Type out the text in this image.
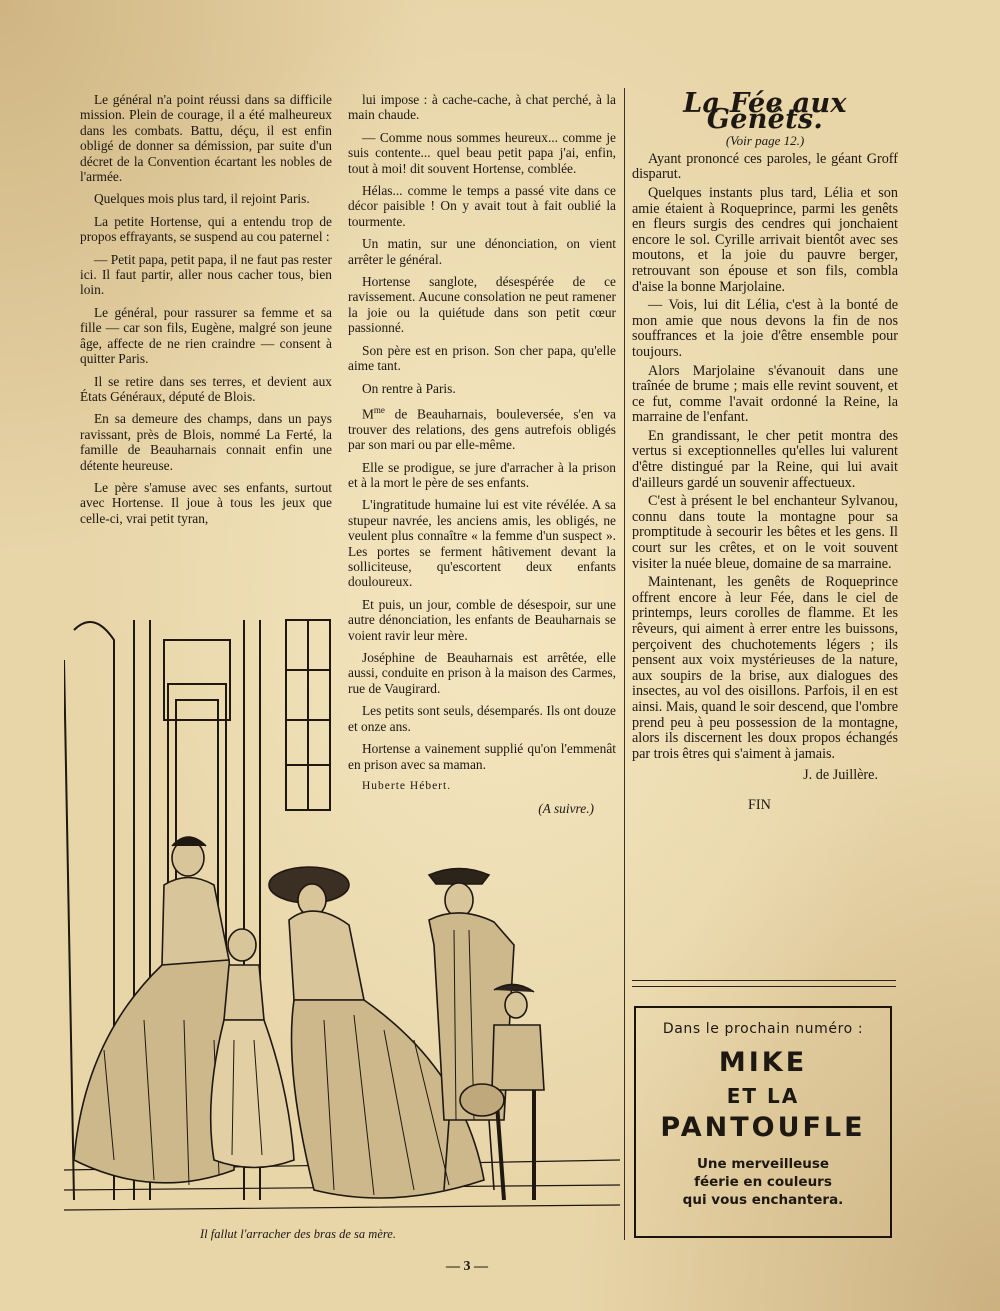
Le général n'a point réussi dans sa difficile mission. Plein de courage, il a été malheureux dans les combats. Battu, déçu, il est enfin obligé de donner sa démission, par suite d'un décret de la Convention écartant les nobles de l'armée.

Quelques mois plus tard, il rejoint Paris.

La petite Hortense, qui a entendu trop de propos effrayants, se suspend au cou paternel :

— Petit papa, petit papa, il ne faut pas rester ici. Il faut partir, aller nous cacher tous, bien loin.

Le général, pour rassurer sa femme et sa fille — car son fils, Eugène, malgré son jeune âge, affecte de ne rien craindre — consent à quitter Paris.

Il se retire dans ses terres, et devient aux États Généraux, député de Blois.

En sa demeure des champs, dans un pays ravissant, près de Blois, nommé La Ferté, la famille de Beauharnais connait enfin une détente heureuse.

Le père s'amuse avec ses enfants, surtout avec Hortense. Il joue à tous les jeux que celle-ci, vrai petit tyran,

lui impose : à cache-cache, à chat perché, à la main chaude.

— Comme nous sommes heureux... comme je suis contente... quel beau petit papa j'ai, enfin, tout à moi! dit souvent Hortense, comblée.

Hélas... comme le temps a passé vite dans ce décor paisible ! On y avait tout à fait oublié la tourmente.

Un matin, sur une dénonciation, on vient arrêter le général.

Hortense sanglote, désespérée de ce ravissement. Aucune consolation ne peut ramener la joie ou la quiétude dans son petit cœur passionné.

Son père est en prison. Son cher papa, qu'elle aime tant.

On rentre à Paris.

$M^{me}$ de Beauharnais, bouleversée, s'en va trouver des relations, des gens autrefois obligés par son mari ou par elle-même.

Elle se prodigue, se jure d'arracher à la prison et à la mort le père de ses enfants.

L'ingratitude humaine lui est vite révélée. A sa stupeur navrée, les anciens amis, les obligés, ne veulent plus connaître « la femme d'un suspect ». Les portes se ferment hâtivement devant la solliciteuse, qu'escortent deux enfants douloureux.

Et puis, un jour, comble de désespoir, sur une autre dénonciation, les enfants de Beauharnais se voient ravir leur mère.

Joséphine de Beauharnais est arrêtée, elle aussi, conduite en prison à la maison des Carmes, rue de Vaugirard.

Les petits sont seuls, désemparés. Ils ont douze et onze ans.

Hortense a vainement supplié qu'on l'emmenât en prison avec sa maman.

Huberte Hébert.

(A suivre.)

La Fée aux Genêts.

(Voir page 12.)

Ayant prononcé ces paroles, le géant Groff disparut.

Quelques instants plus tard, Lélia et son amie étaient à Roqueprince, parmi les genêts en fleurs surgis des cendres qui jonchaient encore le sol. Cyrille arrivait bientôt avec ses moutons, et la joie du pauvre berger, retrouvant son épouse et son fils, combla d'aise la bonne Marjolaine.

— Vois, lui dit Lélia, c'est à la bonté de mon amie que nous devons la fin de nos souffrances et la joie d'être ensemble pour toujours.

Alors Marjolaine s'évanouit dans une traînée de brume ; mais elle revint souvent, et ce fut, comme l'avait ordonné la Reine, la marraine de l'enfant.

En grandissant, le cher petit montra des vertus si exceptionnelles qu'elles lui valurent d'être distingué par la Reine, qui lui avait d'ailleurs gardé un souvenir affectueux.

C'est à présent le bel enchanteur Sylvanou, connu dans toute la montagne pour sa promptitude à secourir les bêtes et les gens. Il court sur les crêtes, et on le voit souvent visiter la nuée bleue, domaine de sa marraine.

Maintenant, les genêts de Roqueprince offrent encore à leur Fée, dans le ciel de printemps, leurs corolles de flamme. Et les rêveurs, qui aiment à errer entre les buissons, perçoivent des chuchotements légers ; ils pensent aux voix mystérieuses de la nature, aux soupirs de la brise, aux dialogues des insectes, au vol des oisillons. Parfois, il en est ainsi. Mais, quand le soir descend, que l'ombre prend peu à peu possession de la montagne, alors ils discernent les doux propos échangés par trois êtres qui s'aiment à jamais.

J. de Juillère.

FIN

Dans le prochain numéro :
MIKE
ET LA
PANTOUFLE
Une merveilleuse
féerie en couleurs
qui vous enchantera.
Il fallut l'arracher des bras de sa mère.
— 3 —
